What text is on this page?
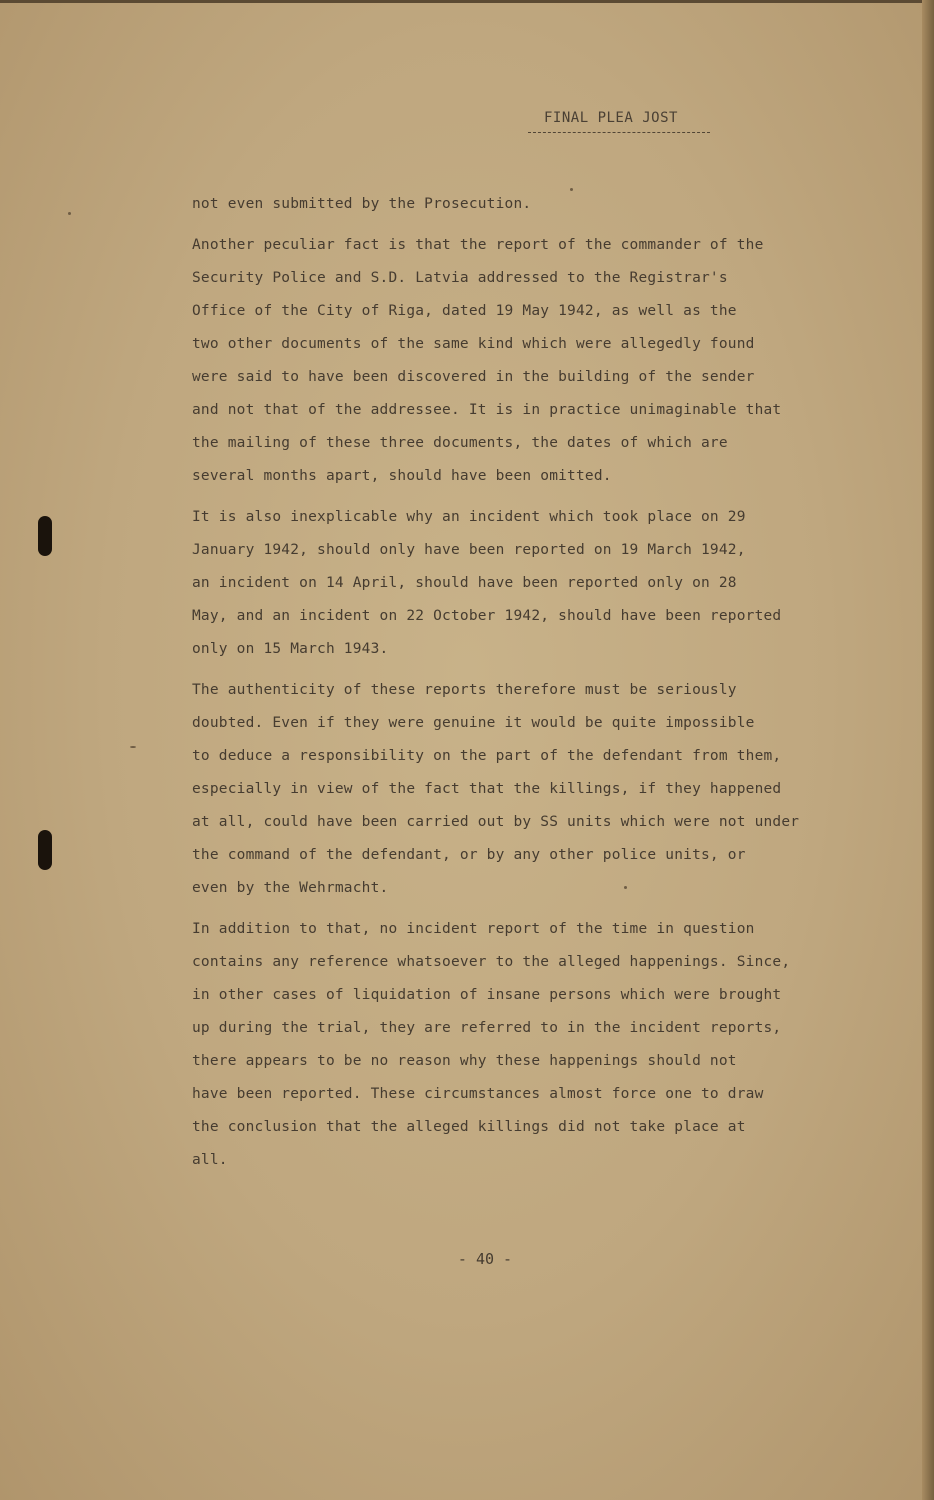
FINAL PLEA JOST
not even submitted by the Prosecution.
Another peculiar fact is that the report of the commander of the
Security Police and S.D. Latvia addressed to the Registrar's
Office of the City of Riga, dated 19 May 1942, as well as the
two other documents of the same kind which were allegedly found
were said to have been discovered in the building of the sender
and not that of the addressee. It is in practice unimaginable that
the mailing of these three documents, the dates of which are
several months apart, should have been omitted.
It is also inexplicable why an incident which took place on 29
January 1942, should only have been reported on 19 March 1942,
an incident on 14 April, should have been reported only on 28
May, and an incident on 22 October 1942, should have been reported
only on 15 March 1943.
The authenticity of these reports therefore must be seriously
doubted. Even if they were genuine it would be quite impossible
to deduce a responsibility on the part of the defendant from them,
especially in view of the fact that the killings, if they happened
at all, could have been carried out by SS units which were not under
the command of the defendant, or by any other police units, or
even by the Wehrmacht.
In addition to that, no incident report of the time in question
contains any reference whatsoever to the alleged happenings. Since,
in other cases of liquidation of insane persons which were brought
up during the trial, they are referred to in the incident reports,
there appears to be no reason why these happenings should not
have been reported. These circumstances almost force one to draw
the conclusion that the alleged killings did not take place at
all.
- 40 -
